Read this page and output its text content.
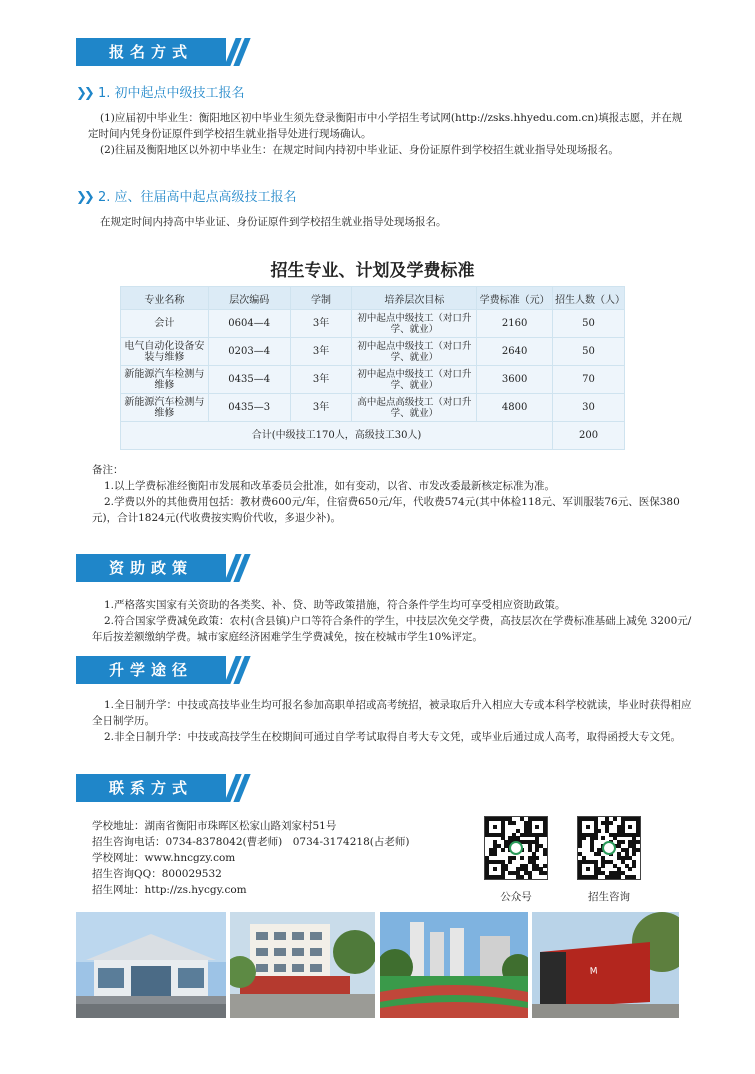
报名方式
❯❯ 1. 初中起点中级技工报名

(1)应届初中毕业生：衡阳地区初中毕业生须先登录衡阳市中小学招生考试网(http://zsks.hhyedu.com.cn)填报志愿，并在规定时间内凭身份证原件到学校招生就业指导处进行现场确认。

(2)往届及衡阳地区以外初中毕业生：在规定时间内持初中毕业证、身份证原件到学校招生就业指导处现场报名。

❯❯ 2. 应、往届高中起点高级技工报名

在规定时间内持高中毕业证、身份证原件到学校招生就业指导处现场报名。

招生专业、计划及学费标准
专业名称	层次编码	学制	培养层次目标	学费标准（元）	招生人数（人）
会计	0604—4	3年	初中起点中级技工（对口升学、就业）	2160	50
电气自动化设备安装与维修	0203—4	3年	初中起点中级技工（对口升学、就业）	2640	50
新能源汽车检测与维修	0435—4	3年	初中起点中级技工（对口升学、就业）	3600	70
新能源汽车检测与维修	0435—3	3年	高中起点高级技工（对口升学、就业）	4800	30
合计(中级技工170人，高级技工30人)					200
备注：

1.以上学费标准经衡阳市发展和改革委员会批准，如有变动，以省、市发改委最新核定标准为准。

2.学费以外的其他费用包括：教材费600元/年，住宿费650元/年，代收费574元(其中体检118元、军训服装76元、医保380元)，合计1824元(代收费按实购价代收，多退少补)。

资助政策

1.严格落实国家有关资助的各类奖、补、贷、助等政策措施，符合条件学生均可享受相应资助政策。

2.符合国家学费减免政策：农村(含县镇)户口等符合条件的学生，中技层次免交学费，高技层次在学费标准基础上减免 3200元/年后按差额缴纳学费。城市家庭经济困难学生学费减免，按在校城市学生10%评定。

升学途径

1.全日制升学：中技或高技毕业生均可报名参加高职单招或高考统招，被录取后升入相应大专或本科学校就读，毕业时获得相应全日制学历。

2.非全日制升学：中技或高技学生在校期间可通过自学考试取得自考大专文凭，或毕业后通过成人高考，取得函授大专文凭。

联系方式
学校地址：湖南省衡阳市珠晖区松家山路刘家村51号
招生咨询电话：0734-8378042(曹老师)　0734-3174218(占老师)
学校网址：www.hncgzy.com
招生咨询QQ：800029532
招生网址：http://zs.hycgy.com
公众号	招生咨询
M
